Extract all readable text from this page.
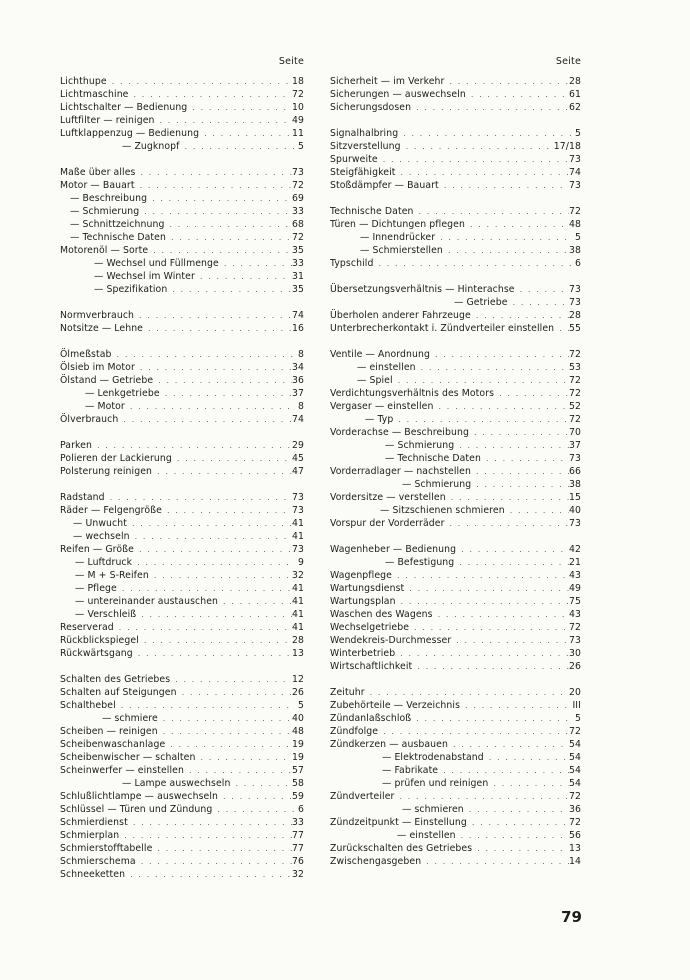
Seite
Lichthupe . . .	18
Lichtmaschine . . .	72
Lichtschalter — Bedienung . . .	10
Luftfilter — reinigen . . .	49
Luftklappenzug — Bedienung . . .	11
— Zugknopf . . .	5
Maße über alles . . .	73
Motor — Bauart . . .	72
— Beschreibung . . .	69
— Schmierung . . .	33
— Schnittzeichnung . . .	68
— Technische Daten . . .	72
Motorenöl — Sorte . . .	35
— Wechsel und Füllmenge . . .	33
— Wechsel im Winter . . .	31
— Spezifikation . . .	35
Normverbrauch . . .	74
Notsitze — Lehne . . .	16
Ölmeßstab . . .	8
Ölsieb im Motor . . .	34
Ölstand — Getriebe . . .	36
— Lenkgetriebe . . .	37
— Motor . . .	8
Ölverbrauch . . .	74
Parken . . .	29
Polieren der Lackierung . . .	45
Polsterung reinigen . . .	47
Radstand . . .	73
Räder — Felgengröße . . .	73
— Unwucht . . .	41
— wechseln . . .	41
Reifen — Größe . . .	73
— Luftdruck . . .	9
— M + S-Reifen . . .	32
— Pflege . . .	41
— untereinander austauschen . . .	41
— Verschleiß . . .	41
Reserverad . . .	41
Rückblickspiegel . . .	28
Rückwärtsgang . . .	13
Schalten des Getriebes . . .	12
Schalten auf Steigungen . . .	26
Schalthebel . . .	5
— schmiere . . .	40
Scheiben — reinigen . . .	48
Scheibenwaschanlage . . .	19
Scheibenwischer — schalten . . .	19
Scheinwerfer — einstellen . . .	57
— Lampe auswechseln . . .	58
Schlußlichtlampe — auswechseln . . .	59
Schlüssel — Türen und Zündung . . .	6
Schmierdienst . . .	33
Schmierplan . . .	77
Schmierstofftabelle . . .	77
Schmierschema . . .	76
Schneeketten . . .	32
Seite
Sicherheit — im Verkehr . . .	28
Sicherungen — auswechseln . . .	61
Sicherungsdosen . . .	62
Signalhalbring . . .	5
Sitzverstellung . . .	17/18
Spurweite . . .	73
Steigfähigkeit . . .	74
Stoßdämpfer — Bauart . . .	73
Technische Daten . . .	72
Türen — Dichtungen pflegen . . .	48
— Innendrücker . . .	5
— Schmierstellen . . .	38
Typschild . . .	6
Übersetzungsverhältnis — Hinterachse . . .	73
— Getriebe . . .	73
Überholen anderer Fahrzeuge . . .	28
Unterbrecherkontakt i. Zündverteiler einstellen . . . 55
Ventile — Anordnung . . .	72
— einstellen . . .	53
— Spiel . . .	72
Verdichtungsverhältnis des Motors . . .	72
Vergaser — einstellen . . .	52
— Typ . . .	72
Vorderachse — Beschreibung . . .	70
— Schmierung . . .	37
— Technische Daten . . .	73
Vorderradlager — nachstellen . . .	66
— Schmierung . . .	38
Vordersitze — verstellen . . .	15
— Sitzschienen schmieren . . .	40
Vorspur der Vorderräder . . .	73
Wagenheber — Bedienung . . .	42
— Befestigung . . .	21
Wagenpflege . . .	43
Wartungsdienst . . .	49
Wartungsplan . . .	75
Waschen des Wagens . . .	43
Wechselgetriebe . . .	72
Wendekreis-Durchmesser . . .	73
Winterbetrieb . . .	30
Wirtschaftlichkeit . . .	26
Zeituhr . . .	20
Zubehörteile — Verzeichnis . . .	III
Zündanlaßschloß . . .	5
Zündfolge . . .	72
Zündkerzen — ausbauen . . .	54
— Elektrodenabstand . . .	54
— Fabrikate . . .	54
— prüfen und reinigen . . .	54
Zündverteiler . . .	72
— schmieren . . .	36
Zündzeitpunkt — Einstellung . . .	72
— einstellen . . .	56
Zurückschalten des Getriebes . . .	13
Zwischengasgeben . . .	14
79
